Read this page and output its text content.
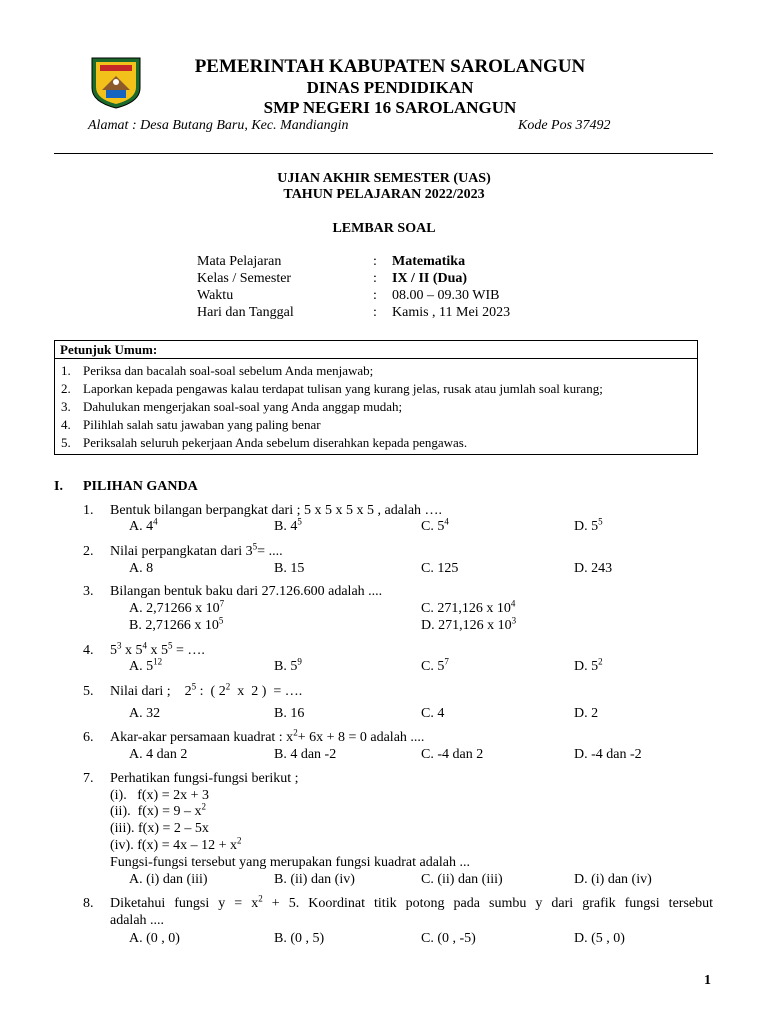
PEMERINTAH KABUPATEN SAROLANGUN
DINAS PENDIDIKAN
SMP NEGERI 16 SAROLANGUN
Alamat : Desa Butang Baru, Kec. Mandiangin	Kode Pos 37492
UJIAN AKHIR SEMESTER (UAS)
TAHUN PELAJARAN 2022/2023
LEMBAR SOAL
Mata Pelajaran	: Matematika
Kelas / Semester	: IX / II (Dua)
Waktu	: 08.00 – 09.30 WIB
Hari dan Tanggal	: Kamis , 11 Mei 2023
Petunjuk Umum:
1. Periksa dan bacalah soal-soal sebelum Anda menjawab;
2. Laporkan kepada pengawas kalau terdapat tulisan yang kurang jelas, rusak atau jumlah soal kurang;
3. Dahulukan mengerjakan soal-soal yang Anda anggap mudah;
4. Pilihlah salah satu jawaban yang paling benar
5. Periksalah seluruh pekerjaan Anda sebelum diserahkan kepada pengawas.
I. PILIHAN GANDA
1. Bentuk bilangan berpangkat dari ; 5 x 5 x 5 x 5 , adalah ….
A. $4^4$	B. $4^5$	C. $5^4$	D. $5^5$
2. Nilai perpangkatan dari $3^5=$ ....
A. 8	B. 15	C. 125	D. 243
3. Bilangan bentuk baku dari 27.126.600 adalah ....
A. 2,71266 x $10^7$	C. 271,126 x $10^4$
B. 2,71266 x $10^5$	D. 271,126 x $10^3$
4. $5^3$ x $5^4$ x $5^5$ = ….
A. $5^{12}$	B. $5^9$	C. $5^7$	D. $5^2$
5. Nilai dari ;    $2^5$ :  ( $2^2$  x  2 )  = ….
A. 32	B. 16	C. 4	D. 2
6. Akar-akar persamaan kuadrat : $x^2+ 6x + 8 = 0$ adalah ....
A. 4 dan 2	B. 4 dan -2	C. -4 dan 2	D. -4 dan -2
7. Perhatikan fungsi-fungsi berikut ;
(i).   f(x) = 2x + 3
(ii).  $f(x) = 9 - x^2$
(iii). f(x) = 2 – 5x
(iv). $f(x) = 4x - 12 + x^2$
Fungsi-fungsi tersebut yang merupakan fungsi kuadrat adalah ...
A. (i) dan (iii)	B. (ii) dan (iv)	C. (ii) dan (iii)	D. (i) dan (iv)
8. Diketahui fungsi $y = x^2 + 5$. Koordinat titik potong pada sumbu y dari grafik fungsi tersebut
adalah ....
A. (0 , 0)	B. (0 , 5)	C. (0 , -5)	D. (5 , 0)
1
